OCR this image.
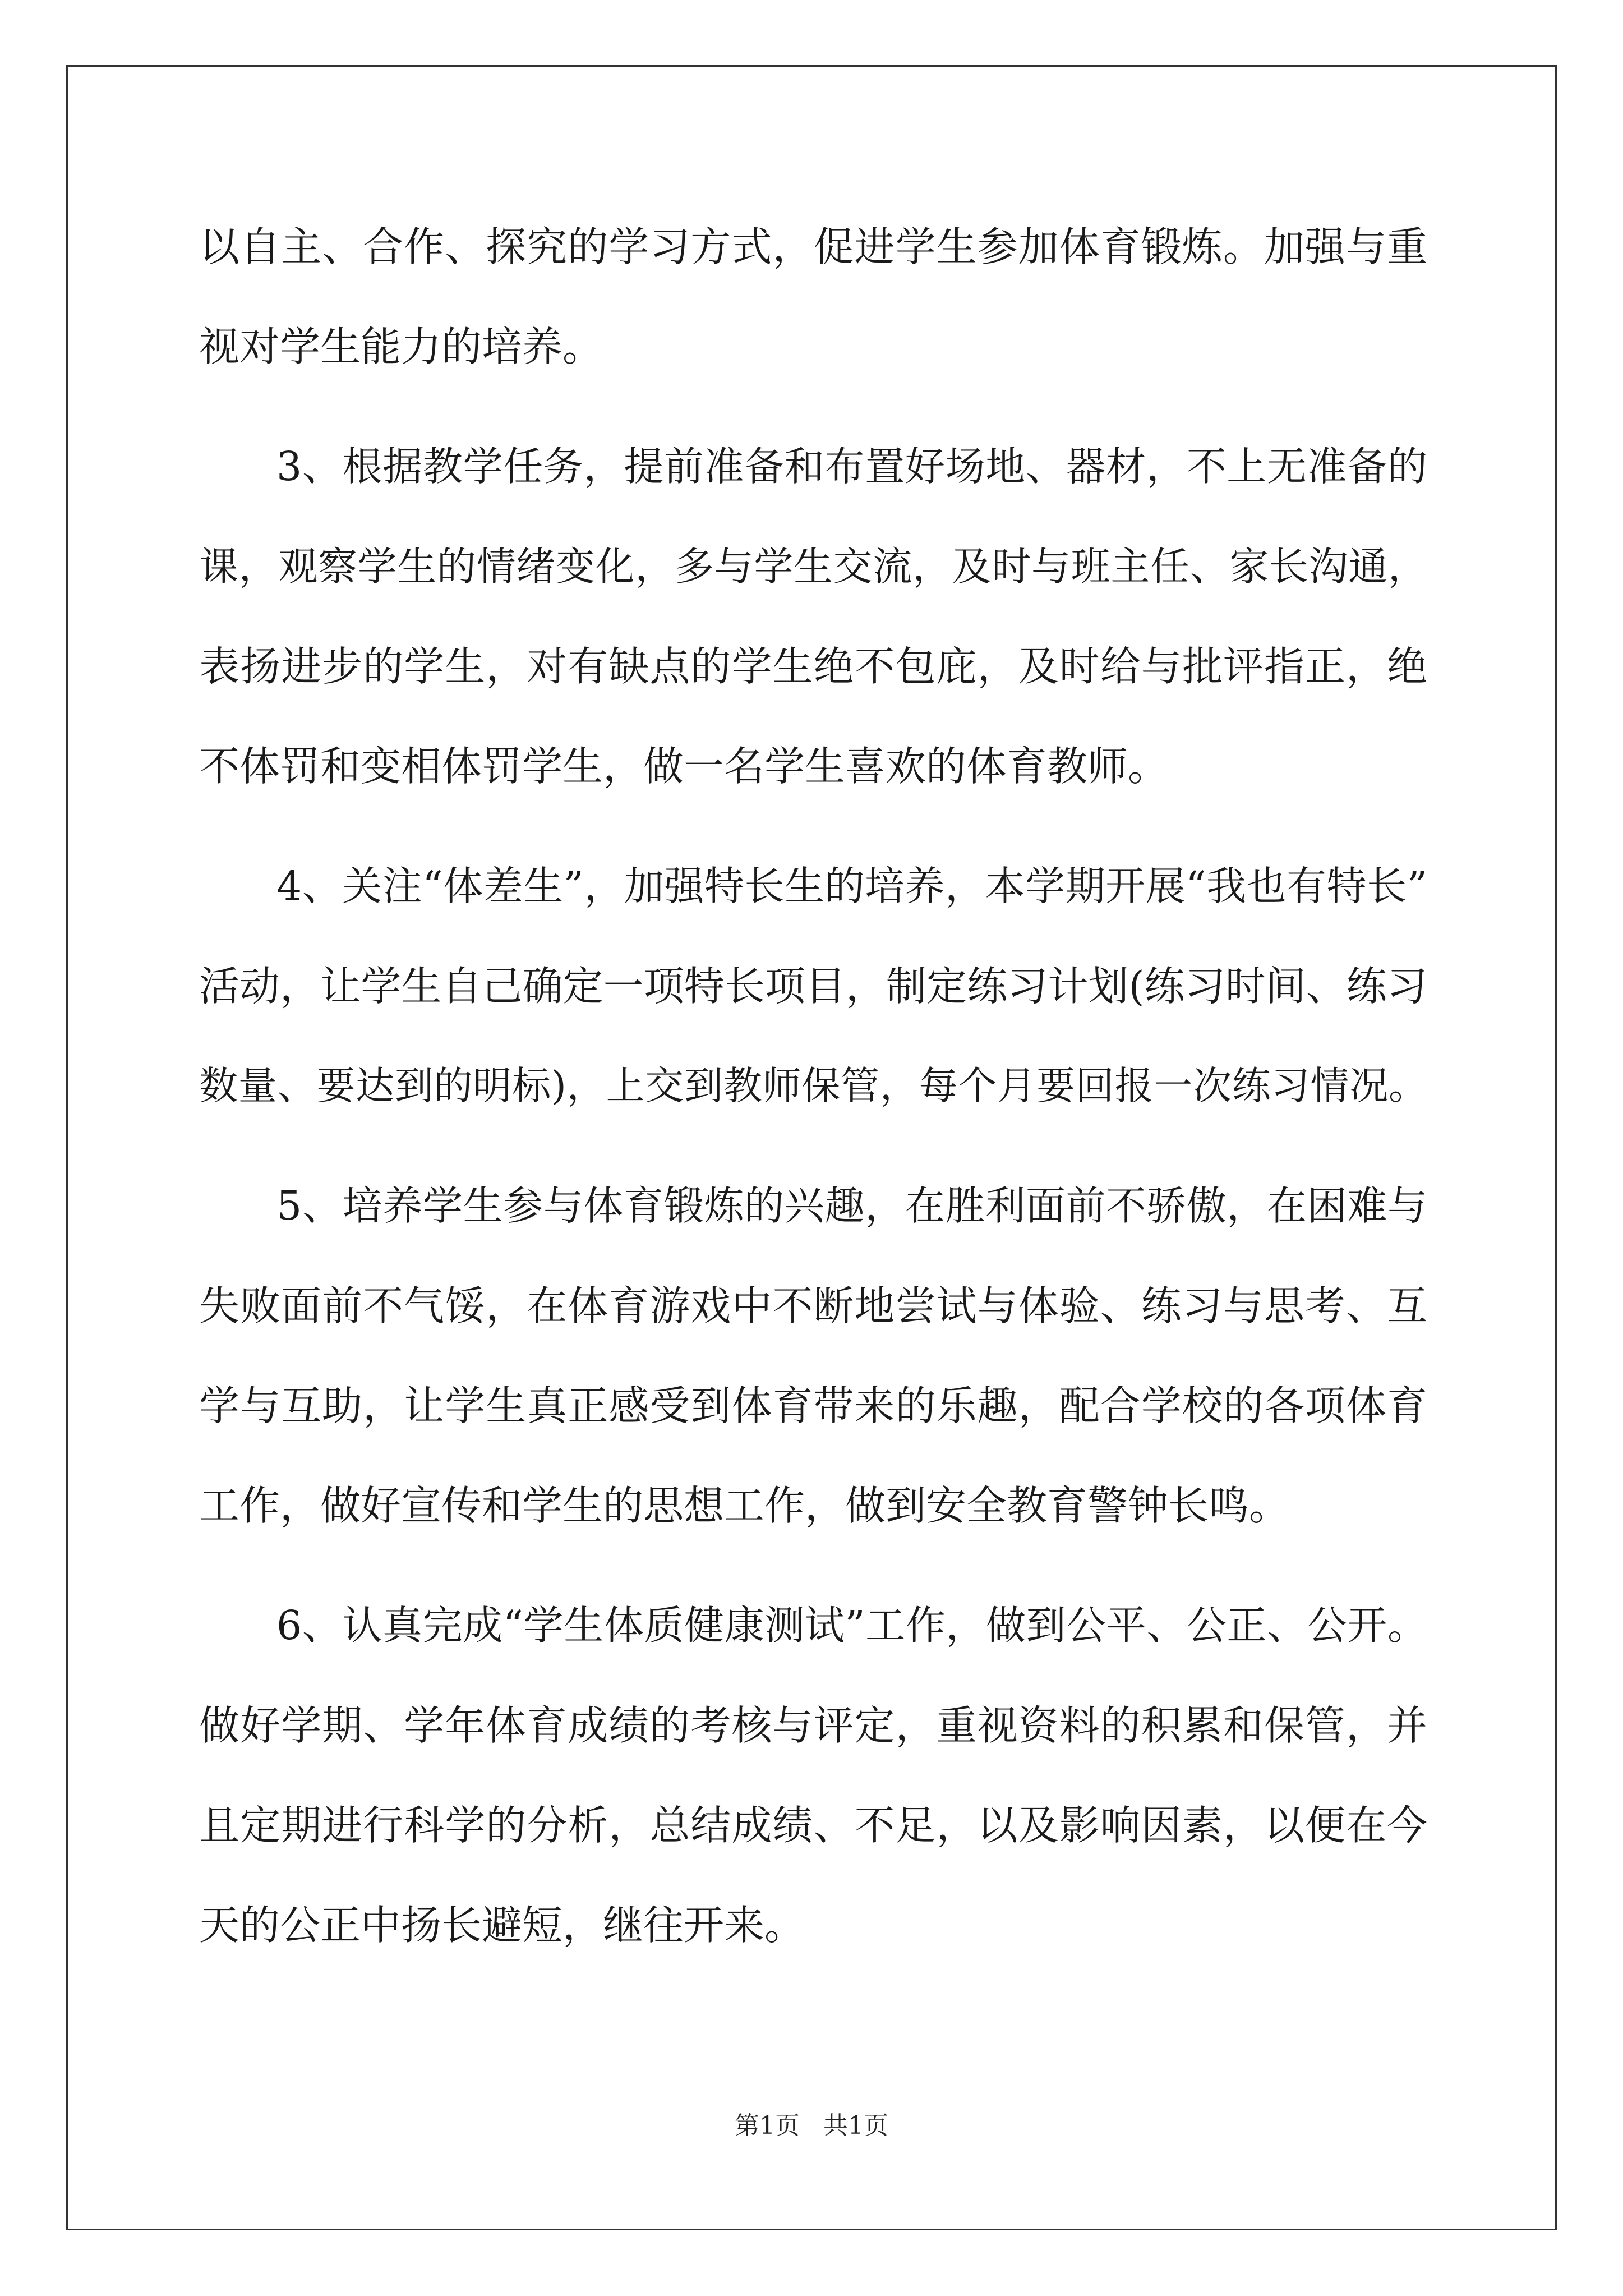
以自主、合作、探究的学习方式，促进学生参加体育锻炼。加强与重
视对学生能力的培养。
3、根据教学任务，提前准备和布置好场地、器材，不上无准备的
课，观察学生的情绪变化，多与学生交流，及时与班主任、家长沟通，
表扬进步的学生，对有缺点的学生绝不包庇，及时给与批评指正，绝
不体罚和变相体罚学生，做一名学生喜欢的体育教师。
4、关注“体差生”，加强特长生的培养，本学期开展“我也有特长”
活动，让学生自己确定一项特长项目，制定练习计划(练习时间、练习
数量、要达到的明标)，上交到教师保管，每个月要回报一次练习情况。
5、培养学生参与体育锻炼的兴趣，在胜利面前不骄傲，在困难与
失败面前不气馁，在体育游戏中不断地尝试与体验、练习与思考、互
学与互助，让学生真正感受到体育带来的乐趣，配合学校的各项体育
工作，做好宣传和学生的思想工作，做到安全教育警钟长鸣。
6、认真完成“学生体质健康测试”工作，做到公平、公正、公开。
做好学期、学年体育成绩的考核与评定，重视资料的积累和保管，并
且定期进行科学的分析，总结成绩、不足，以及影响因素，以便在今
天的公正中扬长避短，继往开来。
第1页   共1页
